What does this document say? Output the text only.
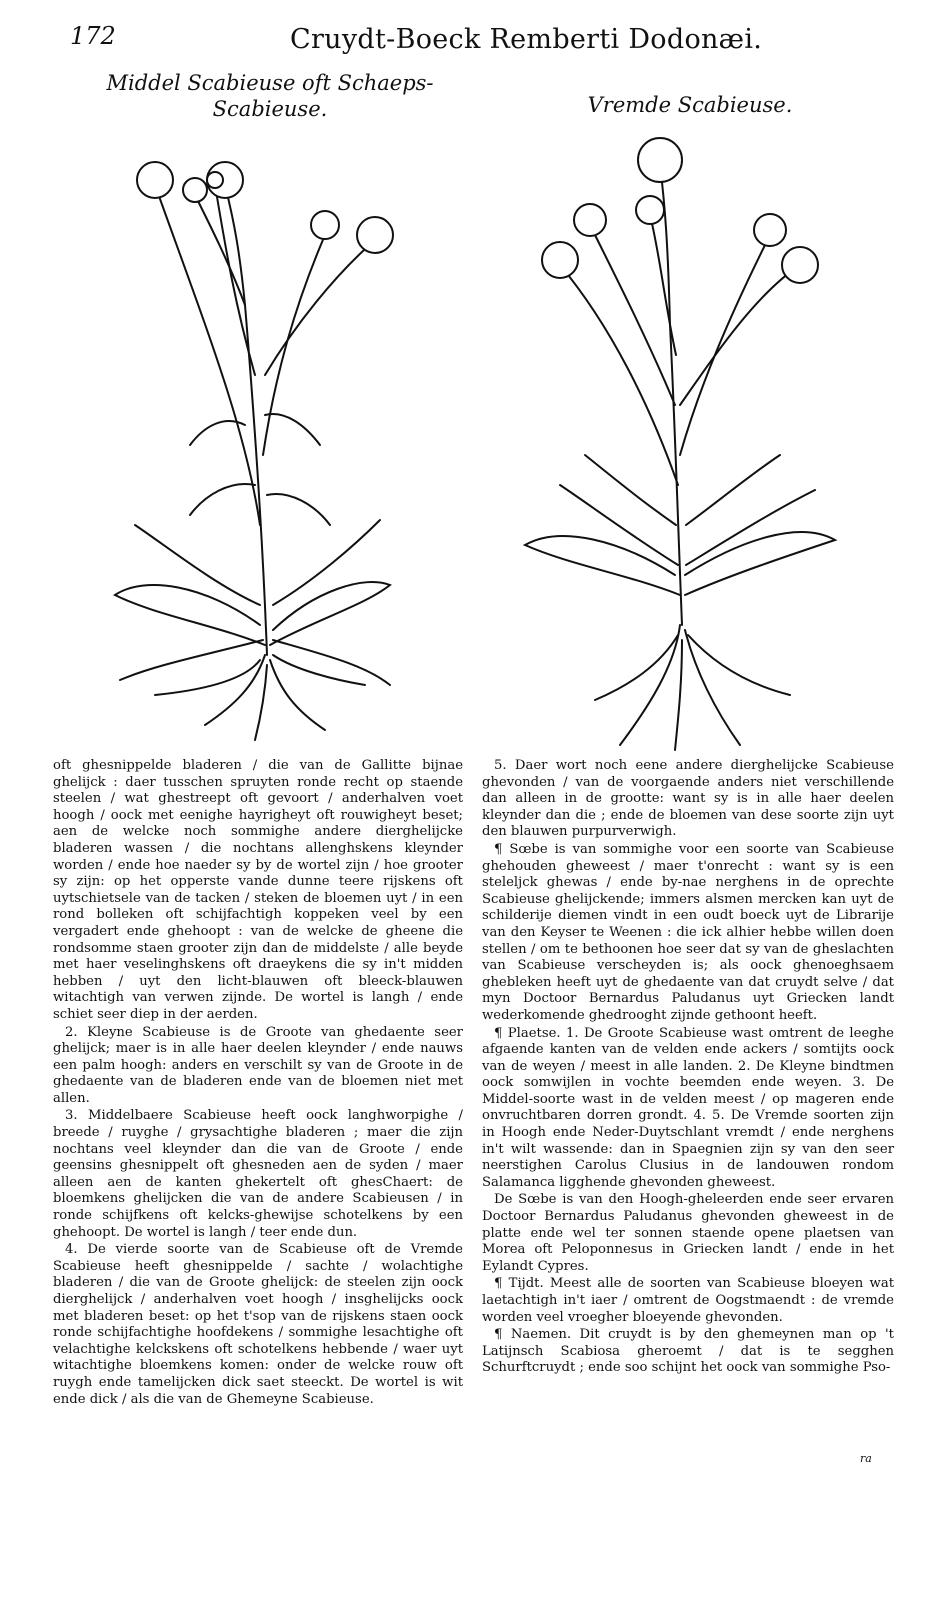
172	Cruydt-Boeck Remberti Dodonæi.
Middel Scabieuse oft Schaeps-
Scabieuse.	Vremde Scabieuse.

oft ghesnippelde bladeren / die van de Gallitte bijnae ghelijck : daer tusschen spruyten ronde recht op staende steelen / wat ghestreept oft gevoort / anderhalven voet hoogh / oock met eenighe hayrigheyt oft rouwigheyt beset; aen de welcke noch sommighe andere dierghelijcke bladeren wassen / die nochtans allenghskens kleynder worden / ende hoe naeder sy by de wortel zijn / hoe grooter sy zijn: op het opperste vande dunne teere rijskens oft uytschietsele van de tacken / steken de bloemen uyt / in een rond bolleken oft schijfachtigh koppeken veel by een vergadert ende ghehoopt : van de welcke de gheene die rondsomme staen grooter zijn dan de middelste / alle beyde met haer veselinghskens oft draeykens die sy in't midden hebben / uyt den licht-blauwen oft bleeck-blauwen witachtigh van verwen zijnde. De wortel is langh / ende schiet seer diep in der aerden.

2. Kleyne Scabieuse is de Groote van ghedaente seer ghelijck; maer is in alle haer deelen kleynder / ende nauws een palm hoogh: anders en verschilt sy van de Groote in de ghedaente van de bladeren ende van de bloemen niet met allen.

3. Middelbaere Scabieuse heeft oock langhworpighe / breede / ruyghe / grysachtighe bladeren ; maer die zijn nochtans veel kleynder dan die van de Groote / ende geensins ghesnippelt oft ghesneden aen de syden / maer alleen aen de kanten ghekertelt oft ghesChaert: de bloemkens ghelijcken die van de andere Scabieusen / in ronde schijfkens oft kelcks-ghewijse schotelkens by een ghehoopt. De wortel is langh / teer ende dun.

4. De vierde soorte van de Scabieuse oft de Vremde Scabieuse heeft ghesnippelde / sachte / wolachtighe bladeren / die van de Groote ghelijck: de steelen zijn oock dierghelijck / anderhalven voet hoogh / insghelijcks oock met bladeren beset: op het t'sop van de rijskens staen oock ronde schijfachtighe hoofdekens / sommighe lesachtighe oft velachtighe kelckskens oft schotelkens hebbende / waer uyt witachtighe bloemkens komen: onder de welcke rouw oft ruygh ende tamelijcken dick saet steeckt. De wortel is wit ende dick / als die van de Ghemeyne Scabieuse.

5. Daer wort noch eene andere dierghelijcke Scabieuse ghevonden / van de voorgaende anders niet verschillende dan alleen in de grootte: want sy is in alle haer deelen kleynder dan die ; ende de bloemen van dese soorte zijn uyt den blauwen purpurverwigh.

¶ Sœbe is van sommighe voor een soorte van Scabieuse ghehouden gheweest / maer t'onrecht : want sy is een steleljck ghewas / ende by-nae nerghens in de oprechte Scabieuse ghelijckende; immers alsmen mercken kan uyt de schilderije diemen vindt in een oudt boeck uyt de Librarije van den Keyser te Weenen : die ick alhier hebbe willen doen stellen / om te bethoonen hoe seer dat sy van de gheslachten van Scabieuse verscheyden is; als oock ghenoeghsaem ghebleken heeft uyt de ghedaente van dat cruydt selve / dat myn Doctoor Bernardus Paludanus uyt Griecken landt wederkomende ghedrooght zijnde gethoont heeft.

¶ Plaetse. 1. De Groote Scabieuse wast omtrent de leeghe afgaende kanten van de velden ende ackers / somtijts oock van de weyen / meest in alle landen. 2. De Kleyne bindtmen oock somwijlen in vochte beemden ende weyen. 3. De Middel-soorte wast in de velden meest / op mageren ende onvruchtbaren dorren grondt. 4. 5. De Vremde soorten zijn in Hoogh ende Neder-Duytschlant vremdt / ende nerghens in't wilt wassende: dan in Spaegnien zijn sy van den seer neerstighen Carolus Clusius in de landouwen rondom Salamanca ligghende ghevonden gheweest.

De Sœbe is van den Hoogh-gheleerden ende seer ervaren Doctoor Bernardus Paludanus ghevonden gheweest in de platte ende wel ter sonnen staende opene plaetsen van Morea oft Peloponnesus in Griecken landt / ende in het Eylandt Cypres.

¶ Tijdt. Meest alle de soorten van Scabieuse bloeyen wat laetachtigh in't iaer / omtrent de Oogstmaendt : de vremde worden veel vroegher bloeyende ghevonden.

¶ Naemen. Dit cruydt is by den ghemeynen man op 't Latijnsch Scabiosa gheroemt / dat is te segghen Schurftcruydt ; ende soo schijnt het oock van sommighe Pso-

ra
